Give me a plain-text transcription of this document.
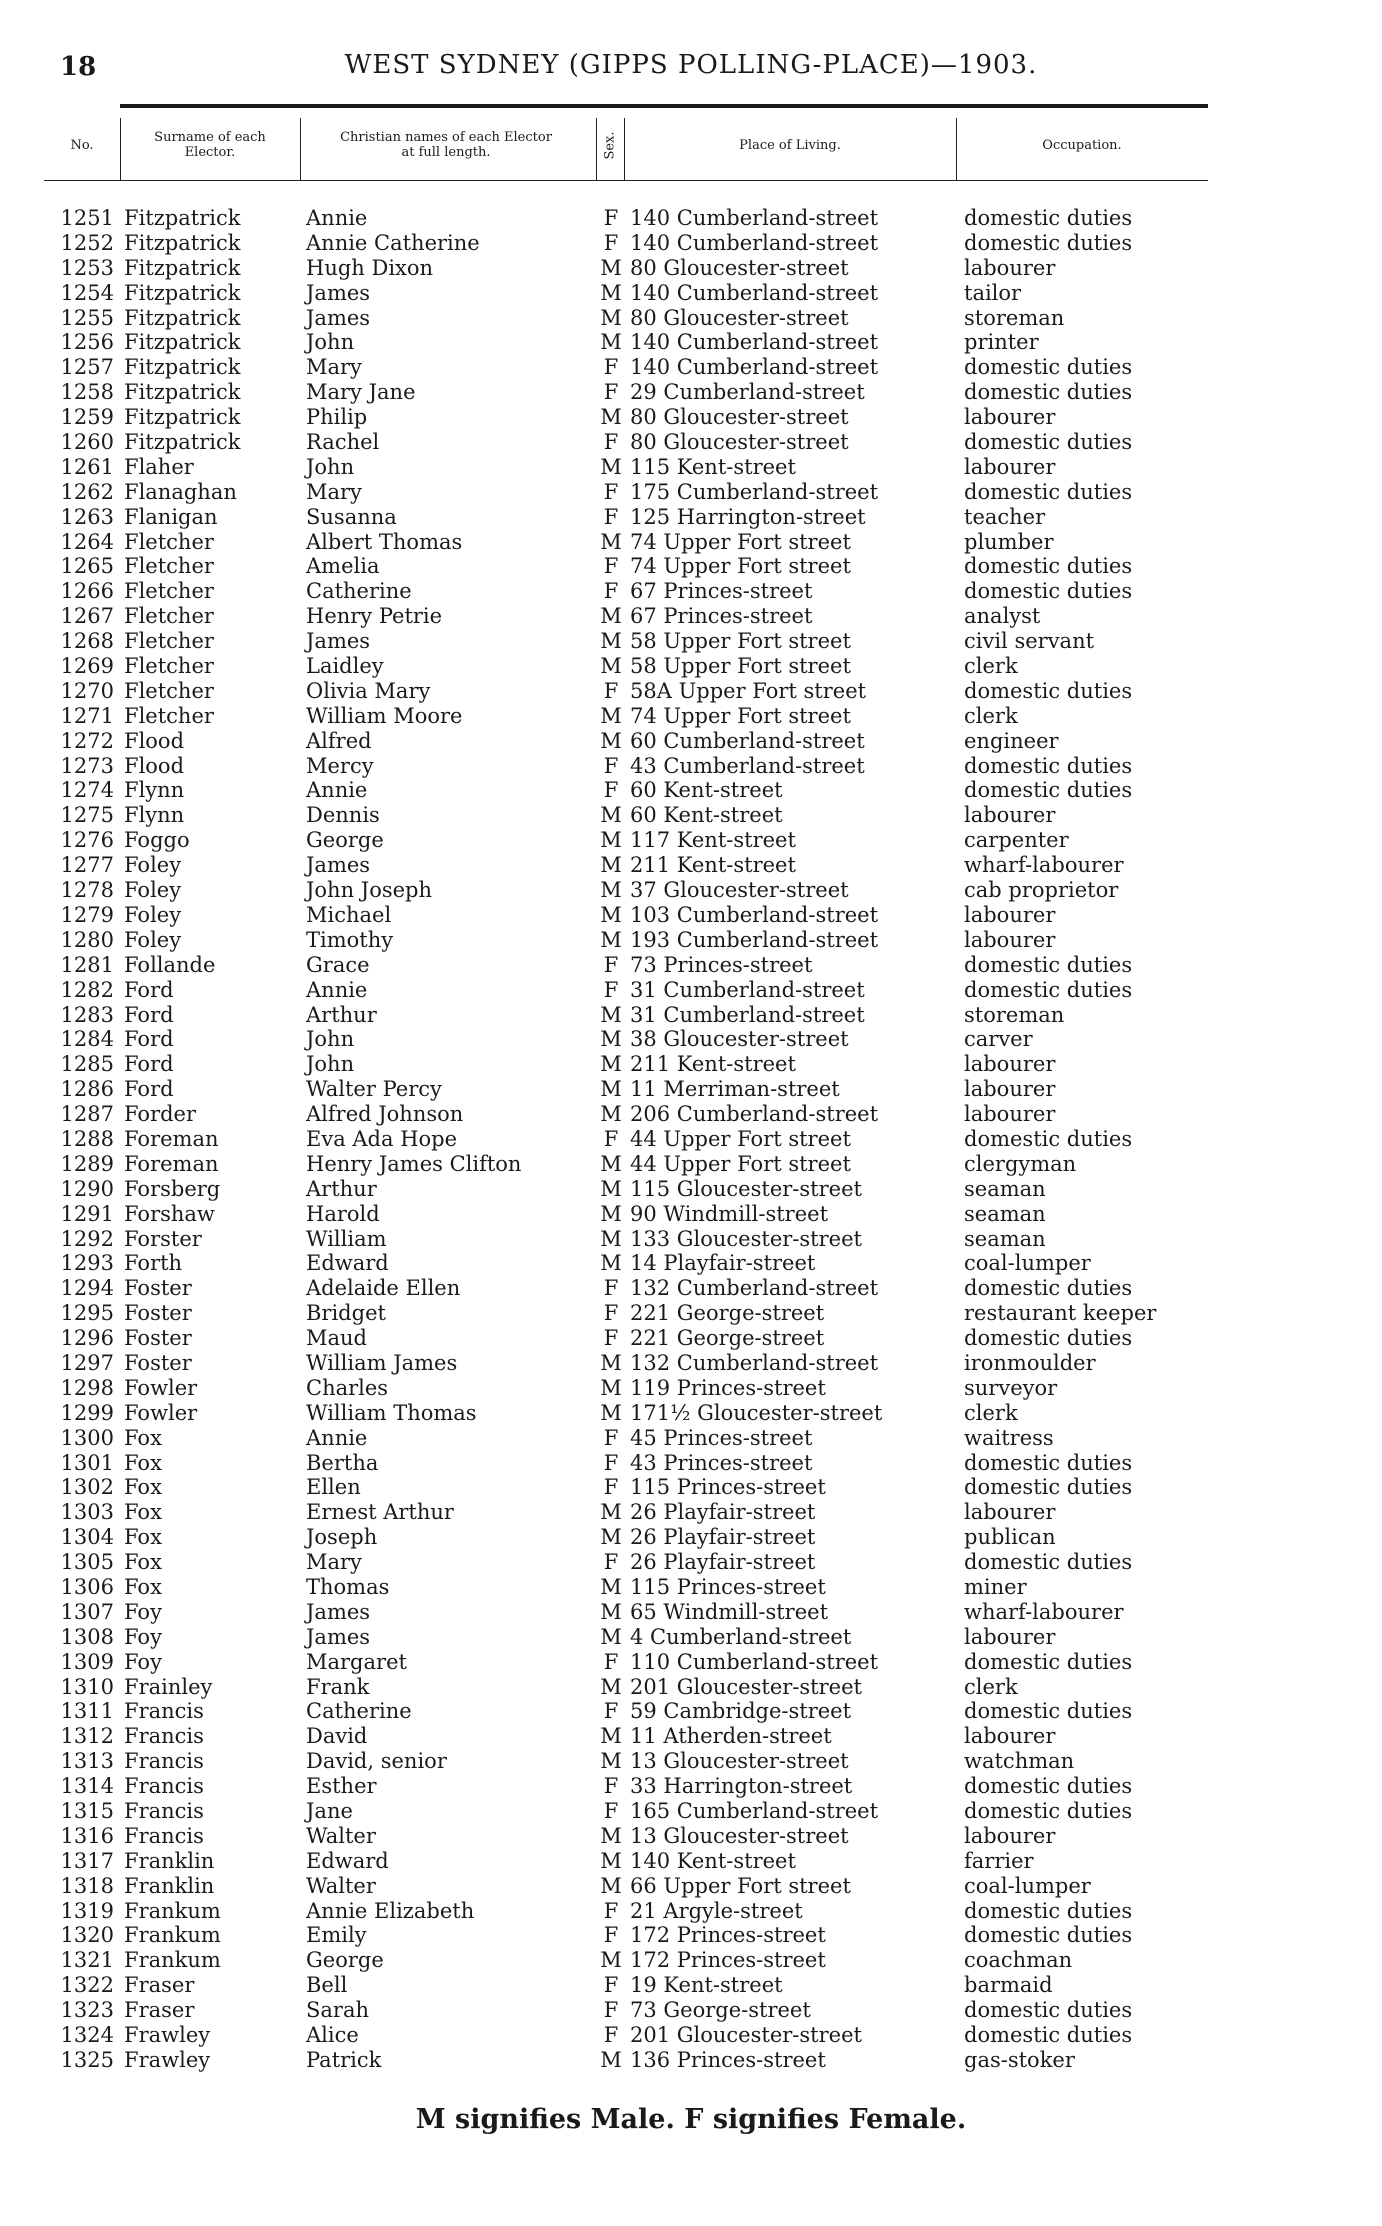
18	WEST SYDNEY (GIPPS POLLING-PLACE)—1903.
No.	Surname of each
Elector.
Christian names of each Elector
at full length.	Sex.	Place of Living.	Occupation.
1251 Fitzpatrick	Annie	F 140 Cumberland-street	domestic duties
1252 Fitzpatrick	Annie Catherine	F 140 Cumberland-street	domestic duties
1253 Fitzpatrick	Hugh Dixon	M 80 Gloucester-street	labourer
1254 Fitzpatrick	James	M 140 Cumberland-street	tailor
1255 Fitzpatrick	James	M 80 Gloucester-street	storeman
1256 Fitzpatrick	John	M 140 Cumberland-street	printer
1257 Fitzpatrick	Mary	F 140 Cumberland-street	domestic duties
1258 Fitzpatrick	Mary Jane	F 29 Cumberland-street	domestic duties
1259 Fitzpatrick	Philip	M 80 Gloucester-street	labourer
1260 Fitzpatrick	Rachel	F 80 Gloucester-street	domestic duties
1261 Flaher	John	M 115 Kent-street	labourer
1262 Flanaghan	Mary	F 175 Cumberland-street	domestic duties
1263 Flanigan	Susanna	F 125 Harrington-street	teacher
1264 Fletcher	Albert Thomas	M 74 Upper Fort street	plumber
1265 Fletcher	Amelia	F 74 Upper Fort street	domestic duties
1266 Fletcher	Catherine	F 67 Princes-street	domestic duties
1267 Fletcher	Henry Petrie	M 67 Princes-street	analyst
1268 Fletcher	James	M 58 Upper Fort street	civil servant
1269 Fletcher	Laidley	M 58 Upper Fort street	clerk
1270 Fletcher	Olivia Mary	F 58A Upper Fort street	domestic duties
1271 Fletcher	William Moore	M 74 Upper Fort street	clerk
1272 Flood	Alfred	M 60 Cumberland-street	engineer
1273 Flood	Mercy	F 43 Cumberland-street	domestic duties
1274 Flynn	Annie	F 60 Kent-street	domestic duties
1275 Flynn	Dennis	M 60 Kent-street	labourer
1276 Foggo	George	M 117 Kent-street	carpenter
1277 Foley	James	M 211 Kent-street	wharf-labourer
1278 Foley	John Joseph	M 37 Gloucester-street	cab proprietor
1279 Foley	Michael	M 103 Cumberland-street	labourer
1280 Foley	Timothy	M 193 Cumberland-street	labourer
1281 Follande	Grace	F 73 Princes-street	domestic duties
1282 Ford	Annie	F 31 Cumberland-street	domestic duties
1283 Ford	Arthur	M 31 Cumberland-street	storeman
1284 Ford	John	M 38 Gloucester-street	carver
1285 Ford	John	M 211 Kent-street	labourer
1286 Ford	Walter Percy	M 11 Merriman-street	labourer
1287 Forder	Alfred Johnson	M 206 Cumberland-street	labourer
1288 Foreman	Eva Ada Hope	F 44 Upper Fort street	domestic duties
1289 Foreman	Henry James Clifton	M 44 Upper Fort street	clergyman
1290 Forsberg	Arthur	M 115 Gloucester-street	seaman
1291 Forshaw	Harold	M 90 Windmill-street	seaman
1292 Forster	William	M 133 Gloucester-street	seaman
1293 Forth	Edward	M 14 Playfair-street	coal-lumper
1294 Foster	Adelaide Ellen	F 132 Cumberland-street	domestic duties
1295 Foster	Bridget	F 221 George-street	restaurant keeper
1296 Foster	Maud	F 221 George-street	domestic duties
1297 Foster	William James	M 132 Cumberland-street	ironmoulder
1298 Fowler	Charles	M 119 Princes-street	surveyor
1299 Fowler	William Thomas	M 171½ Gloucester-street	clerk
1300 Fox	Annie	F 45 Princes-street	waitress
1301 Fox	Bertha	F 43 Princes-street	domestic duties
1302 Fox	Ellen	F 115 Princes-street	domestic duties
1303 Fox	Ernest Arthur	M 26 Playfair-street	labourer
1304 Fox	Joseph	M 26 Playfair-street	publican
1305 Fox	Mary	F 26 Playfair-street	domestic duties
1306 Fox	Thomas	M 115 Princes-street	miner
1307 Foy	James	M 65 Windmill-street	wharf-labourer
1308 Foy	James	M 4 Cumberland-street	labourer
1309 Foy	Margaret	F 110 Cumberland-street	domestic duties
1310 Frainley	Frank	M 201 Gloucester-street	clerk
1311 Francis	Catherine	F 59 Cambridge-street	domestic duties
1312 Francis	David	M 11 Atherden-street	labourer
1313 Francis	David, senior	M 13 Gloucester-street	watchman
1314 Francis	Esther	F 33 Harrington-street	domestic duties
1315 Francis	Jane	F 165 Cumberland-street	domestic duties
1316 Francis	Walter	M 13 Gloucester-street	labourer
1317 Franklin	Edward	M 140 Kent-street	farrier
1318 Franklin	Walter	M 66 Upper Fort street	coal-lumper
1319 Frankum	Annie Elizabeth	F 21 Argyle-street	domestic duties
1320 Frankum	Emily	F 172 Princes-street	domestic duties
1321 Frankum	George	M 172 Princes-street	coachman
1322 Fraser	Bell	F 19 Kent-street	barmaid
1323 Fraser	Sarah	F 73 George-street	domestic duties
1324 Frawley	Alice	F 201 Gloucester-street	domestic duties
1325 Frawley	Patrick	M 136 Princes-street	gas-stoker
M signifies Male. F signifies Female.
